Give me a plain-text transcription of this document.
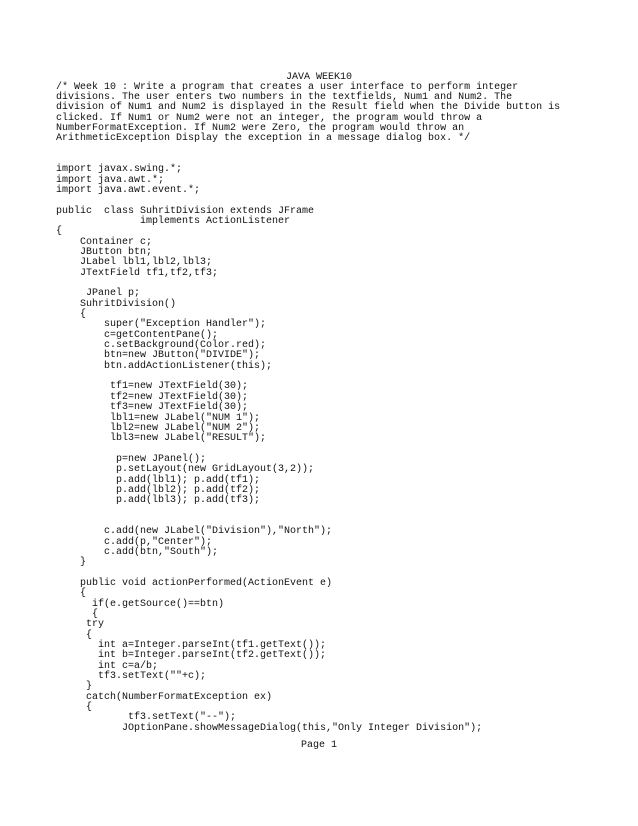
JAVA WEEK10
/* Week 10 : Write a program that creates a user interface to perform integer
divisions. The user enters two numbers in the textfields, Num1 and Num2. The
division of Num1 and Num2 is displayed in the Result field when the Divide button is
clicked. If Num1 or Num2 were not an integer, the program would throw a
NumberFormatException. If Num2 were Zero, the program would throw an
ArithmeticException Display the exception in a message dialog box. */
import javax.swing.*;
import java.awt.*;
import java.awt.event.*;
public  class SuhritDivision extends JFrame
implements ActionListener
{
Container c;
JButton btn;
JLabel lbl1,lbl2,lbl3;
JTextField tf1,tf2,tf3;
JPanel p;
SuhritDivision()
{
super("Exception Handler");
c=getContentPane();
c.setBackground(Color.red);
btn=new JButton("DIVIDE");
btn.addActionListener(this);
tf1=new JTextField(30);
tf2=new JTextField(30);
tf3=new JTextField(30);
lbl1=new JLabel("NUM 1");
lbl2=new JLabel("NUM 2");
lbl3=new JLabel("RESULT");
p=new JPanel();
p.setLayout(new GridLayout(3,2));
p.add(lbl1); p.add(tf1);
p.add(lbl2); p.add(tf2);
p.add(lbl3); p.add(tf3);
c.add(new JLabel("Division"),"North");
c.add(p,"Center");
c.add(btn,"South");
}
public void actionPerformed(ActionEvent e)
{
if(e.getSource()==btn)
{
try
{
int a=Integer.parseInt(tf1.getText());
int b=Integer.parseInt(tf2.getText());
int c=a/b;
tf3.setText(""+c);
}
catch(NumberFormatException ex)
{
tf3.setText("--");
JOptionPane.showMessageDialog(this,"Only Integer Division");
Page 1
